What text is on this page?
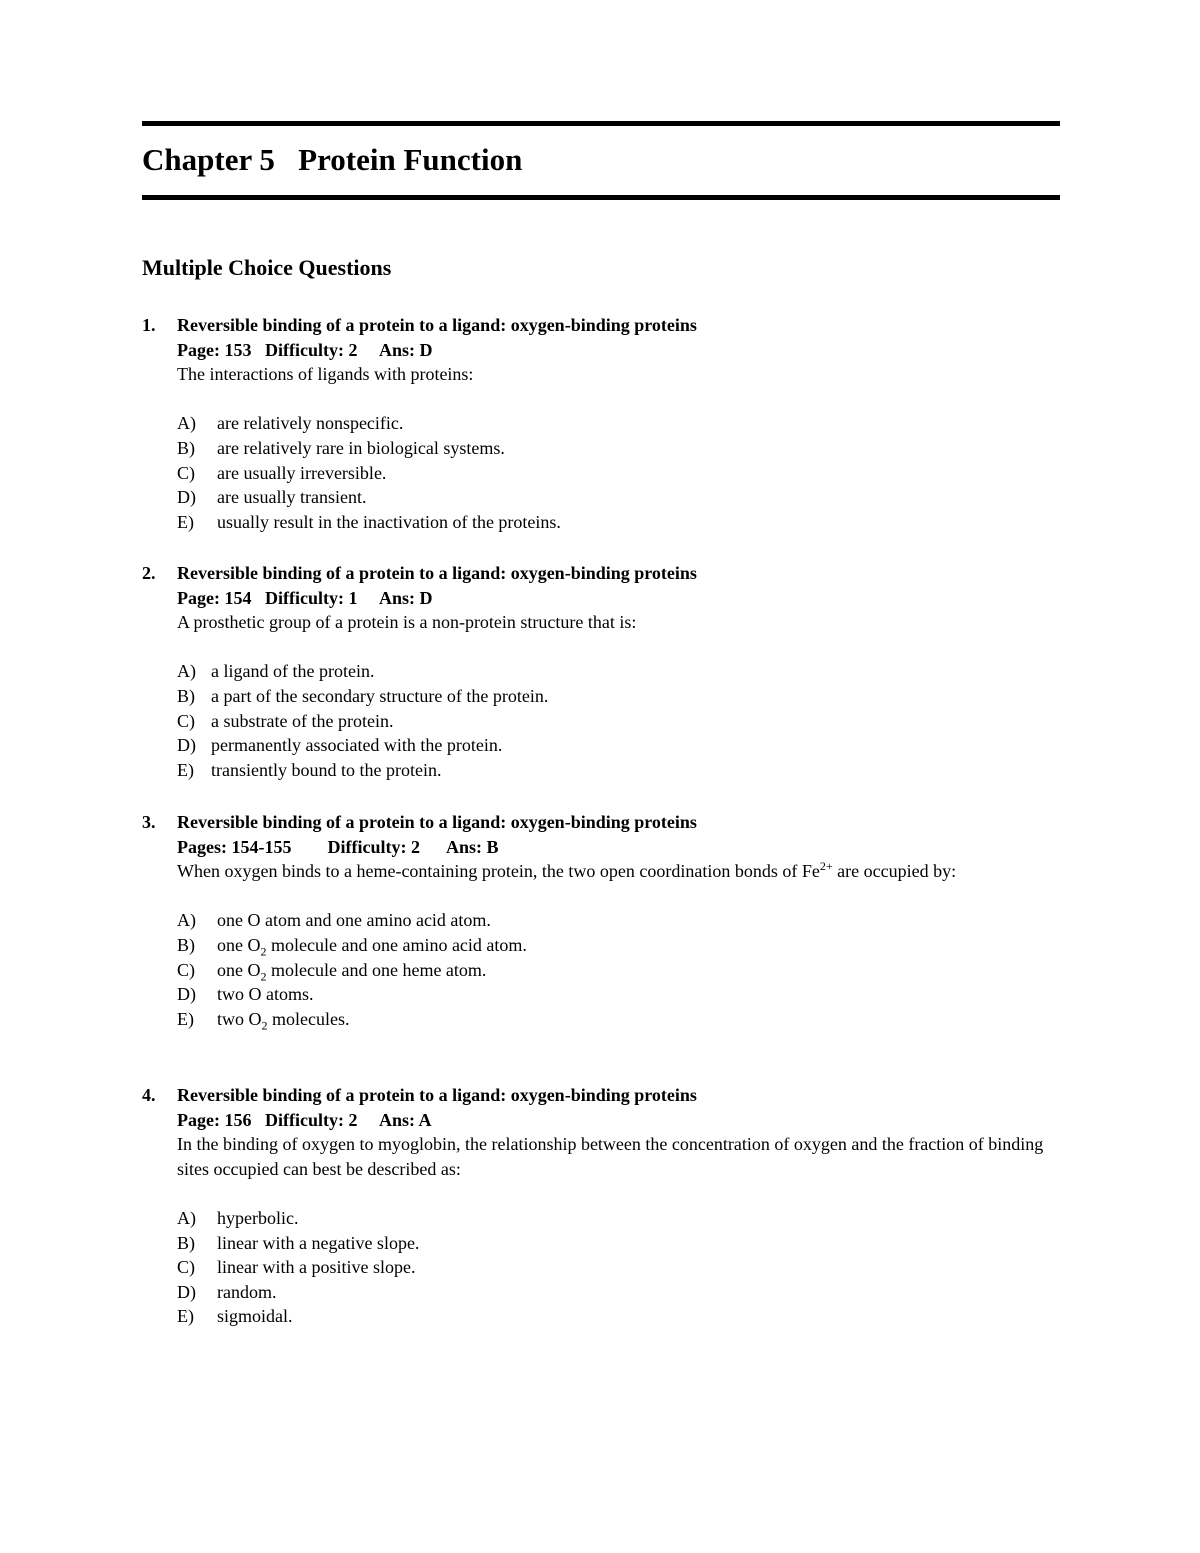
Chapter 5   Protein Function
Multiple Choice Questions
1.	Reversible binding of a protein to a ligand: oxygen-binding proteins
Page: 153   Difficulty: 2     Ans: D
The interactions of ligands with proteins:
A)	are relatively nonspecific.
B)	are relatively rare in biological systems.
C)	are usually irreversible.
D)	are usually transient.
E)	usually result in the inactivation of the proteins.
2.	Reversible binding of a protein to a ligand: oxygen-binding proteins
Page: 154   Difficulty: 1     Ans: D
A prosthetic group of a protein is a non-protein structure that is:
A) a ligand of the protein.
B) a part of the secondary structure of the protein.
C) a substrate of the protein.
D) permanently associated with the protein.
E) transiently bound to the protein.
3.	Reversible binding of a protein to a ligand: oxygen-binding proteins
Pages: 154-155        Difficulty: 2      Ans: B
When oxygen binds to a heme-containing protein, the two open coordination bonds of $Fe^{2+}$ are occupied by:
A)	one O atom and one amino acid atom.
B)	one $O_2$ molecule and one amino acid atom.
C)	one $O_2$ molecule and one heme atom.
D)	two O atoms.
E)	two $O_2$ molecules.
4.	Reversible binding of a protein to a ligand: oxygen-binding proteins
Page: 156   Difficulty: 2     Ans: A
In the binding of oxygen to myoglobin, the relationship between the concentration of oxygen and the fraction of binding sites occupied can best be described as:
A)	hyperbolic.
B)	linear with a negative slope.
C)	linear with a positive slope.
D)	random.
E)	sigmoidal.
